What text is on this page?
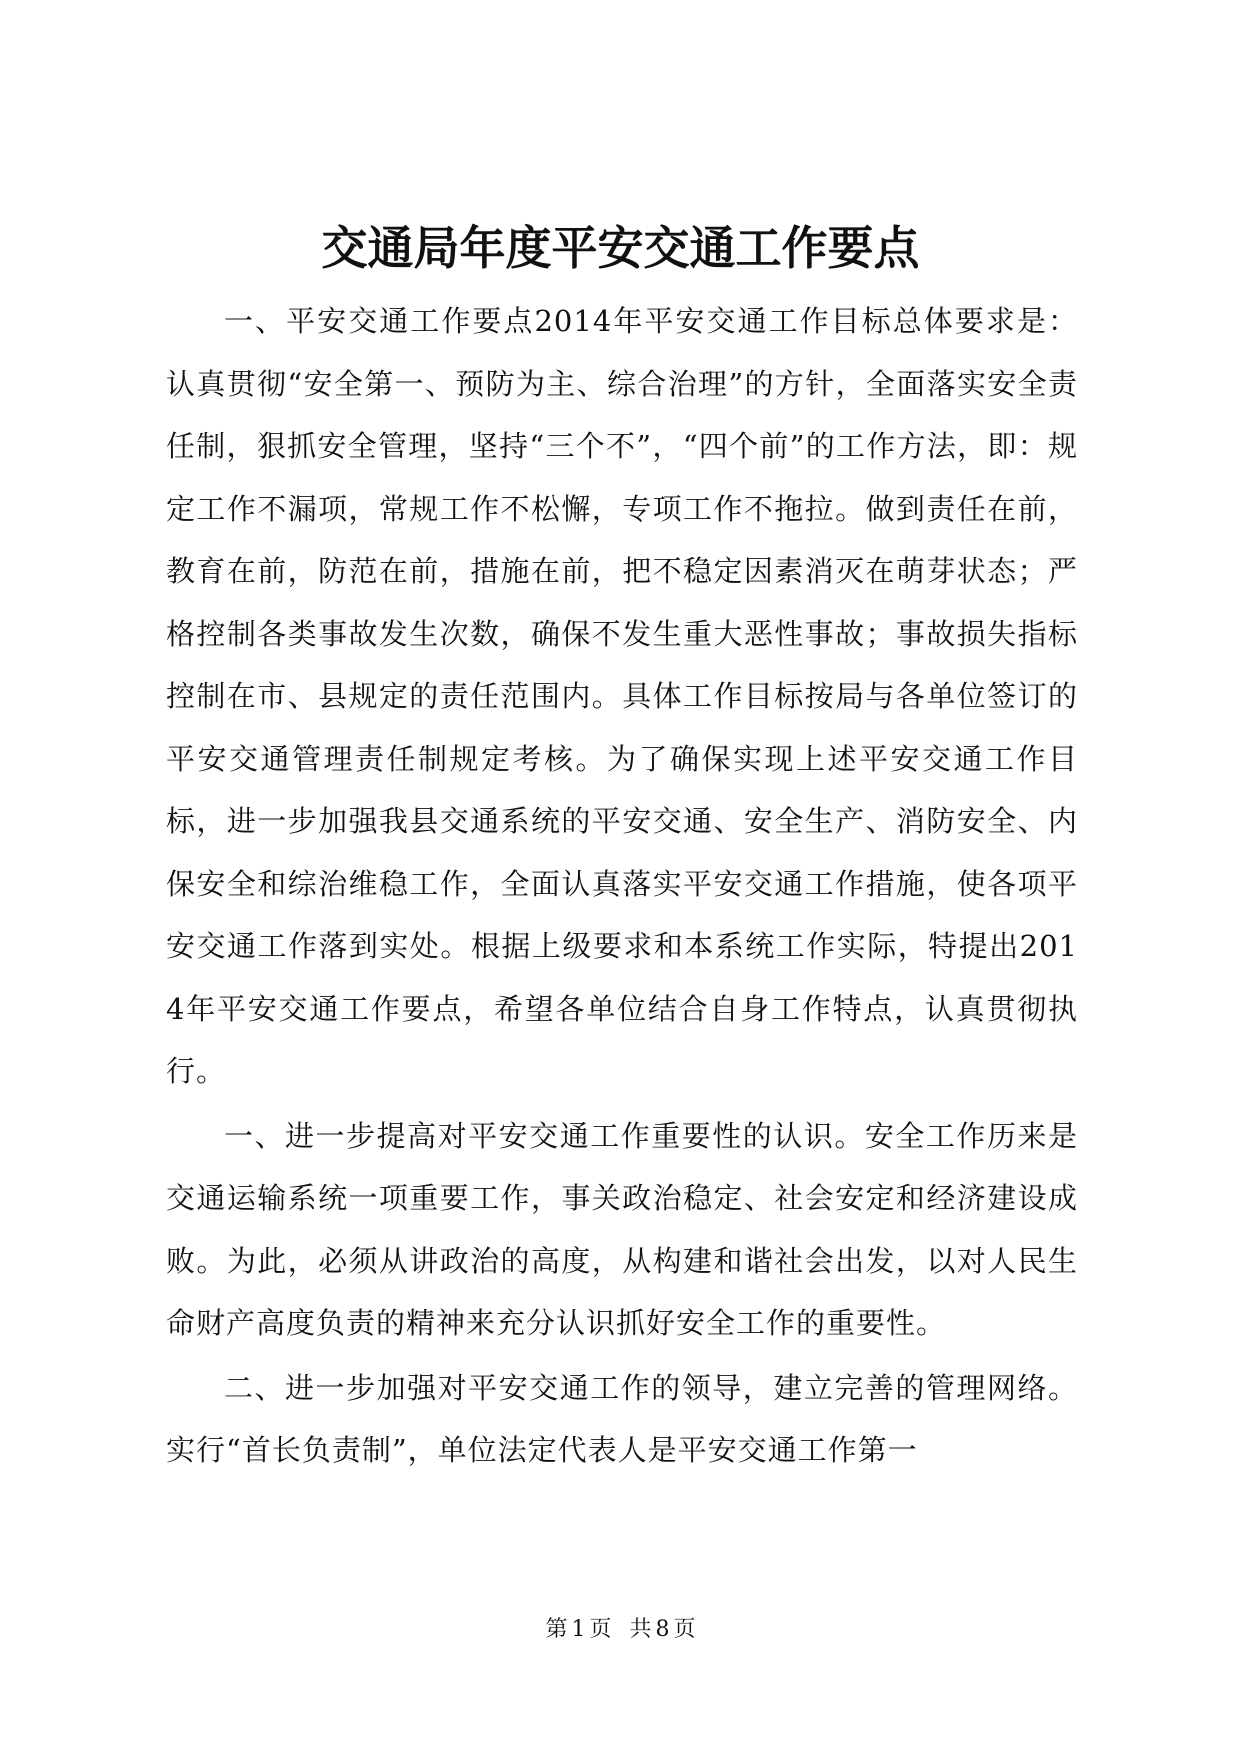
交通局年度平安交通工作要点

一、平安交通工作要点2014年平安交通工作目标总体要求是：认真贯彻“安全第一、预防为主、综合治理”的方针，全面落实安全责任制，狠抓安全管理，坚持“三个不”，“四个前”的工作方法，即：规定工作不漏项，常规工作不松懈，专项工作不拖拉。做到责任在前，教育在前，防范在前，措施在前，把不稳定因素消灭在萌芽状态；严格控制各类事故发生次数，确保不发生重大恶性事故；事故损失指标控制在市、县规定的责任范围内。具体工作目标按局与各单位签订的平安交通管理责任制规定考核。为了确保实现上述平安交通工作目标，进一步加强我县交通系统的平安交通、安全生产、消防安全、内保安全和综治维稳工作，全面认真落实平安交通工作措施，使各项平安交通工作落到实处。根据上级要求和本系统工作实际，特提出2014年平安交通工作要点，希望各单位结合自身工作特点，认真贯彻执行。

一、进一步提高对平安交通工作重要性的认识。安全工作历来是交通运输系统一项重要工作，事关政治稳定、社会安定和经济建设成败。为此，必须从讲政治的高度，从构建和谐社会出发，以对人民生命财产高度负责的精神来充分认识抓好安全工作的重要性。

二、进一步加强对平安交通工作的领导，建立完善的管理网络。实行“首长负责制”，单位法定代表人是平安交通工作第一

第 1 页 共 8 页
